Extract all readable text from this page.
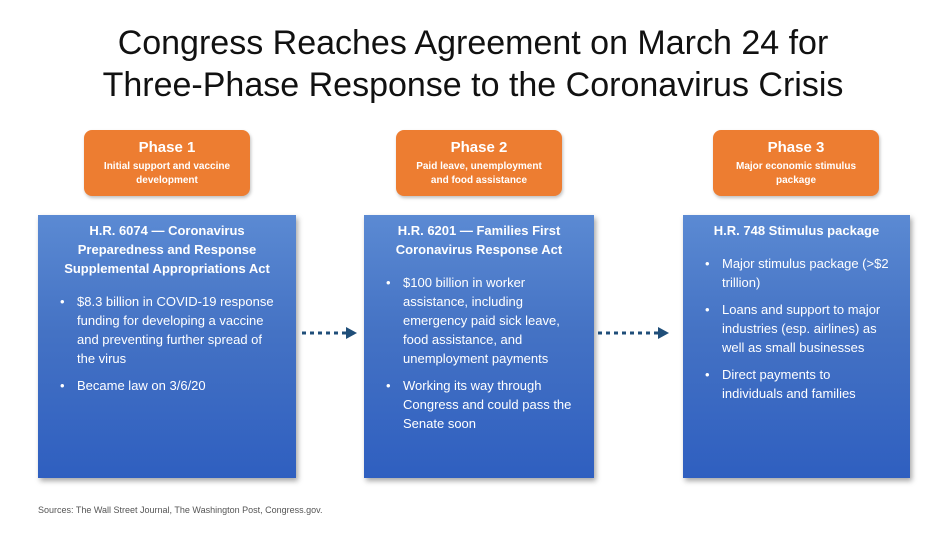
Congress Reaches Agreement on March 24 for
Three-Phase Response to the Coronavirus Crisis
Phase 1
Initial support and vaccine
development
H.R. 6074 — Coronavirus
Preparedness and Response
Supplemental Appropriations Act
• $8.3 billion in COVID-19 response
funding for developing a vaccine
and preventing further spread of
the virus
• Became law on 3/6/20
Phase 2
Paid leave, unemployment
and food assistance
H.R. 6201 — Families First
Coronavirus Response Act
• $100 billion in worker
assistance, including
emergency paid sick leave,
food assistance, and
unemployment payments
• Working its way through
Congress and could pass the
Senate soon
Phase 3
Major economic stimulus
package
H.R. 748 Stimulus package
• Major stimulus package (>$2
trillion)
• Loans and support to major
industries (esp. airlines) as
well as small businesses
• Direct payments to
individuals and families
Sources: The Wall Street Journal, The Washington Post, Congress.gov.
